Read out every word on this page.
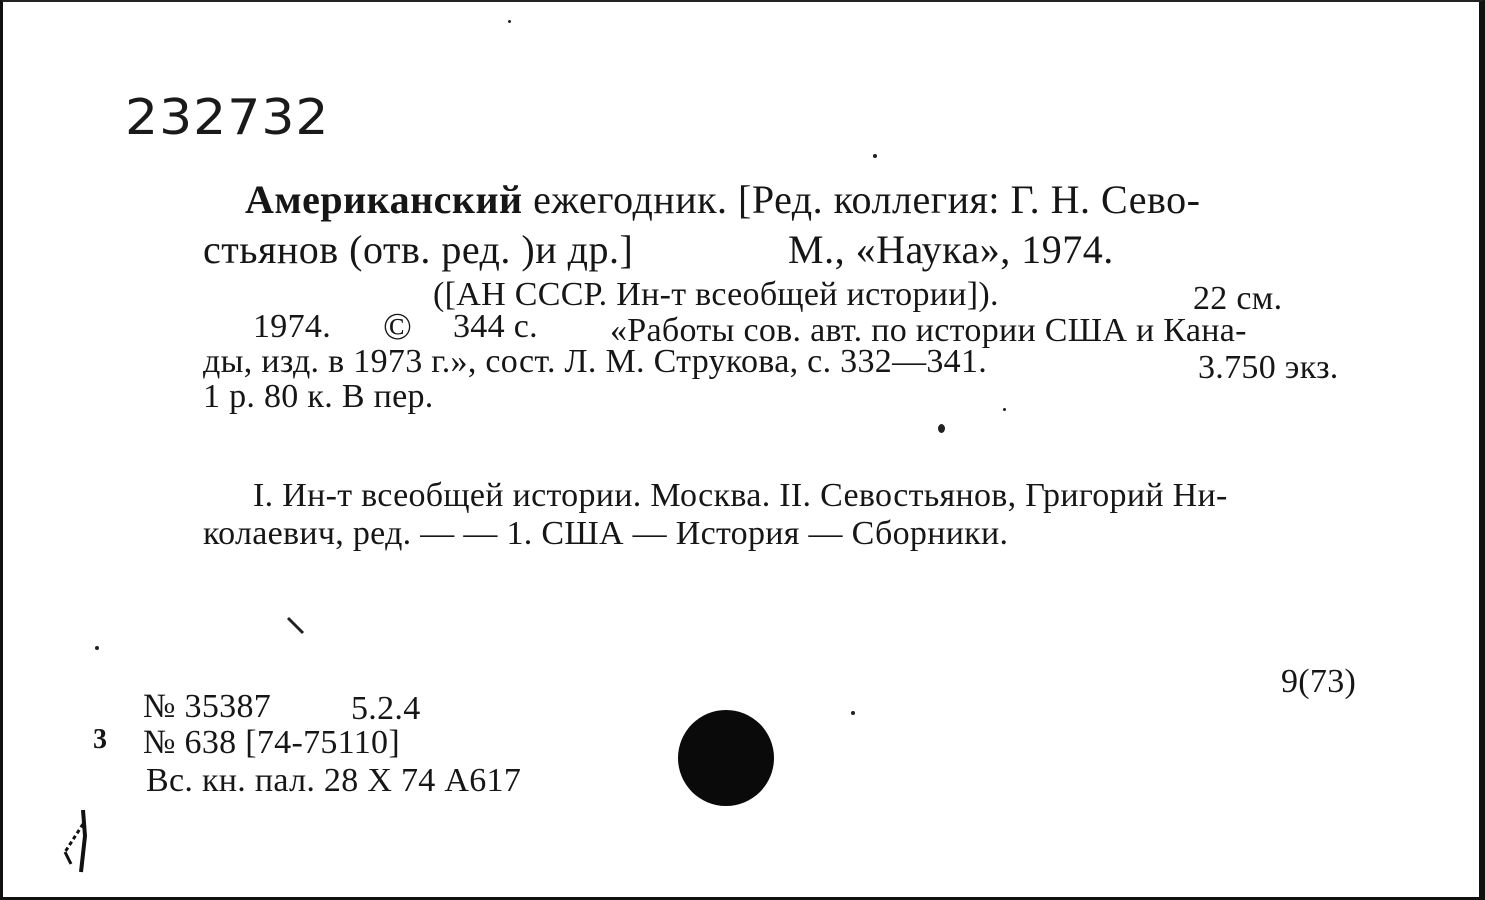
232732
Американский ежегодник. [Ред. коллегия: Г. Н. Сево-
стьянов (отв. ред. )и др.]	М., «Наука», 1974.
([АН СССР. Ин-т всеобщей истории]).	22 см.
1974. © 344 с. «Работы сов. авт. по истории США и Кана-
ды, изд. в 1973 г.», сост. Л. М. Струкова, с. 332—341.	3.750 экз.
1 р. 80 к. В пер.
I. Ин-т всеобщей истории. Москва. II. Севостьянов, Григорий Ни-
колаевич, ред. — — 1. США — История — Сборники.
9(73)
№ 35387 5.2.4
3 № 638 [74-75110]
Вс. кн. пал. 28 X 74 А617
